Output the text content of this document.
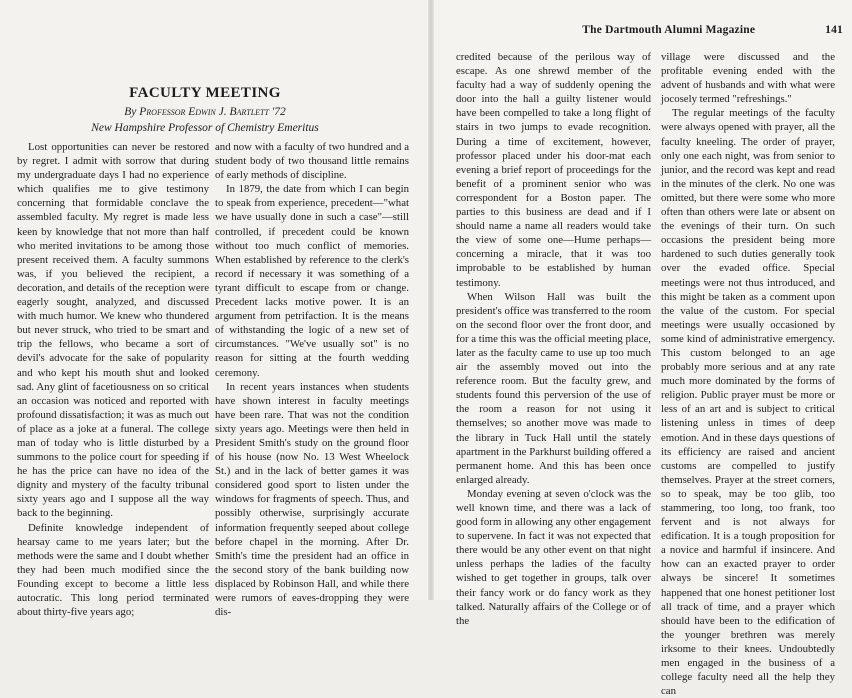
The Dartmouth Alumni Magazine	141
FACULTY MEETING
By Professor Edwin J. Bartlett '72
New Hampshire Professor of Chemistry Emeritus

Lost opportunities can never be restored by regret. I admit with sorrow that during my undergraduate days I had no experience which qualifies me to give testimony concerning that formidable conclave the assembled faculty. My regret is made less keen by knowledge that not more than half who merited invitations to be among those present received them. A faculty summons was, if you believed the recipient, a decoration, and details of the reception were eagerly sought, analyzed, and discussed with much humor. We knew who thundered but never struck, who tried to be smart and trip the fellows, who became a sort of devil's advocate for the sake of popularity and who kept his mouth shut and looked sad. Any glint of facetiousness on so critical an occasion was noticed and reported with profound dissatisfaction; it was as much out of place as a joke at a funeral. The college man of today who is little disturbed by a summons to the police court for speeding if he has the price can have no idea of the dignity and mystery of the faculty tribunal sixty years ago and I suppose all the way back to the beginning.

Definite knowledge independent of hearsay came to me years later; but the methods were the same and I doubt whether they had been much modified since the Founding except to become a little less autocratic. This long period terminated about thirty-five years ago;

and now with a faculty of two hundred and a student body of two thousand little remains of early methods of discipline.

In 1879, the date from which I can begin to speak from experience, precedent—"what we have usually done in such a case"—still controlled, if precedent could be known without too much conflict of memories. When established by reference to the clerk's record if necessary it was something of a tyrant difficult to escape from or change. Precedent lacks motive power. It is an argument from petrifaction. It is the means of withstanding the logic of a new set of circumstances. "We've usually sot" is no reason for sitting at the fourth wedding ceremony.

In recent years instances when students have shown interest in faculty meetings have been rare. That was not the condition sixty years ago. Meetings were then held in President Smith's study on the ground floor of his house (now No. 13 West Wheelock St.) and in the lack of better games it was considered good sport to listen under the windows for fragments of speech. Thus, and possibly otherwise, surprisingly accurate information frequently seeped about college before chapel in the morning. After Dr. Smith's time the president had an office in the second story of the bank building now displaced by Robinson Hall, and while there were rumors of eaves-dropping they were dis-

credited because of the perilous way of escape. As one shrewd member of the faculty had a way of suddenly opening the door into the hall a guilty listener would have been compelled to take a long flight of stairs in two jumps to evade recognition. During a time of excitement, however, professor placed under his door-mat each evening a brief report of proceedings for the benefit of a prominent senior who was correspondent for a Boston paper. The parties to this business are dead and if I should name a name all readers would take the view of some one—Hume perhaps—concerning a miracle, that it was too improbable to be established by human testimony.

When Wilson Hall was built the president's office was transferred to the room on the second floor over the front door, and for a time this was the official meeting place, later as the faculty came to use up too much air the assembly moved out into the reference room. But the faculty grew, and students found this perversion of the use of the room a reason for not using it themselves; so another move was made to the library in Tuck Hall until the stately apartment in the Parkhurst building offered a permanent home. And this has been once enlarged already.

Monday evening at seven o'clock was the well known time, and there was a lack of good form in allowing any other engagement to supervene. In fact it was not expected that there would be any other event on that night unless perhaps the ladies of the faculty wished to get together in groups, talk over their fancy work or do fancy work as they talked. Naturally affairs of the College or of the

village were discussed and the profitable evening ended with the advent of husbands and with what were jocosely termed "refreshings."

The regular meetings of the faculty were always opened with prayer, all the faculty kneeling. The order of prayer, only one each night, was from senior to junior, and the record was kept and read in the minutes of the clerk. No one was omitted, but there were some who more often than others were late or absent on the evenings of their turn. On such occasions the president being more hardened to such duties generally took over the evaded office. Special meetings were not thus introduced, and this might be taken as a comment upon the value of the custom. For special meetings were usually occasioned by some kind of administrative emergency. This custom belonged to an age probably more serious and at any rate much more dominated by the forms of religion. Public prayer must be more or less of an art and is subject to critical listening unless in times of deep emotion. And in these days questions of its efficiency are raised and ancient customs are compelled to justify themselves. Prayer at the street corners, so to speak, may be too glib, too stammering, too long, too frank, too fervent and is not always for edification. It is a tough proposition for a novice and harmful if insincere. And how can an exacted prayer to order always be sincere! It sometimes happened that one honest petitioner lost all track of time, and a prayer which should have been to the edification of the younger brethren was merely irksome to their knees. Undoubtedly men engaged in the business of a college faculty need all the help they can
